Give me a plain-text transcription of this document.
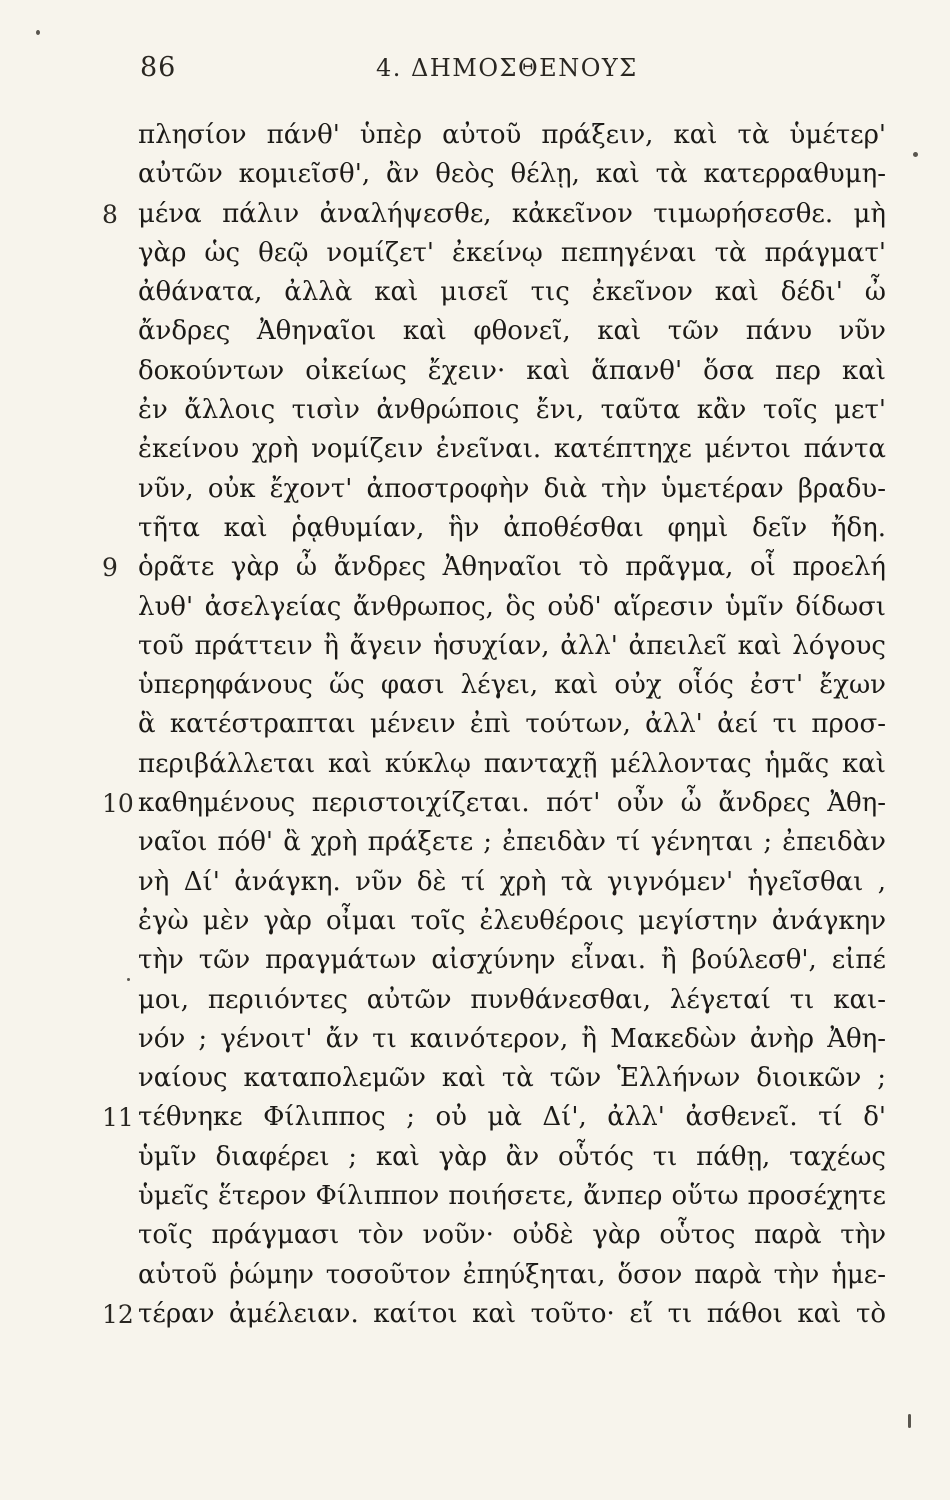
86	4. ΔΗΜΟΣΘΕΝΟΥΣ
πλησίον πάνθ' ὑπὲρ αὐτοῦ πράξειν, καὶ τὰ ὑμέτερ'
αὐτῶν κομιεῖσθ', ἂν θεὸς θέλῃ, καὶ τὰ κατερραθυμη-
8 μένα πάλιν ἀναλήψεσθε, κἀκεῖνον τιμωρήσεσθε. μὴ
γὰρ ὡς θεῷ νομίζετ' ἐκείνῳ πεπηγέναι τὰ πράγματ'
ἀθάνατα, ἀλλὰ καὶ μισεῖ τις ἐκεῖνον καὶ δέδι' ὦ
ἄνδρες Ἀθηναῖοι καὶ φθονεῖ, καὶ τῶν πάνυ νῦν
δοκούντων οἰκείως ἔχειν· καὶ ἅπανθ' ὅσα περ καὶ
ἐν ἄλλοις τισὶν ἀνθρώποις ἔνι, ταῦτα κἂν τοῖς μετ'
ἐκείνου χρὴ νομίζειν ἐνεῖναι. κατέπτηχε μέντοι πάντα
νῦν, οὐκ ἔχοντ' ἀποστροφὴν διὰ τὴν ὑμετέραν βραδυ-
τῆτα καὶ ῥᾳθυμίαν, ἣν ἀποθέσθαι φημὶ δεῖν ἤδη.
9 ὁρᾶτε γὰρ ὦ ἄνδρες Ἀθηναῖοι τὸ πρᾶγμα, οἷ προελή
λυθ' ἀσελγείας ἄνθρωπος, ὃς οὐδ' αἵρεσιν ὑμῖν δίδωσι
τοῦ πράττειν ἢ ἄγειν ἡσυχίαν, ἀλλ' ἀπειλεῖ καὶ λόγους
ὑπερηφάνους ὥς φασι λέγει, καὶ οὐχ οἷός ἐστ' ἔχων
ἃ κατέστραπται μένειν ἐπὶ τούτων, ἀλλ' ἀεί τι προσ-
περιβάλλεται καὶ κύκλῳ πανταχῇ μέλλοντας ἡμᾶς καὶ
10 καθημένους περιστοιχίζεται. πότ' οὖν ὦ ἄνδρες Ἀθη-
ναῖοι πόθ' ἃ χρὴ πράξετε ; ἐπειδὰν τί γένηται ; ἐπειδὰν
νὴ Δί' ἀνάγκη. νῦν δὲ τί χρὴ τὰ γιγνόμεν' ἡγεῖσθαι ,
ἐγὼ μὲν γὰρ οἶμαι τοῖς ἐλευθέροις μεγίστην ἀνάγκην
τὴν τῶν πραγμάτων αἰσχύνην εἶναι. ἢ βούλεσθ', εἰπέ
μοι, περιιόντες αὐτῶν πυνθάνεσθαι, λέγεταί τι και-
νόν ; γένοιτ' ἄν τι καινότερον, ἢ Μακεδὼν ἀνὴρ Ἀθη-
ναίους καταπολεμῶν καὶ τὰ τῶν Ἑλλήνων διοικῶν ;
11 τέθνηκε Φίλιππος ; οὐ μὰ Δί', ἀλλ' ἀσθενεῖ. τί δ'
ὑμῖν διαφέρει ; καὶ γὰρ ἂν οὗτός τι πάθῃ, ταχέως
ὑμεῖς ἕτερον Φίλιππον ποιήσετε, ἄνπερ οὕτω προσέχητε
τοῖς πράγμασι τὸν νοῦν· οὐδὲ γὰρ οὗτος παρὰ τὴν
αὑτοῦ ῥώμην τοσοῦτον ἐπηύξηται, ὅσον παρὰ τὴν ἡμε-
12 τέραν ἀμέλειαν. καίτοι καὶ τοῦτο· εἴ τι πάθοι καὶ τὸ
